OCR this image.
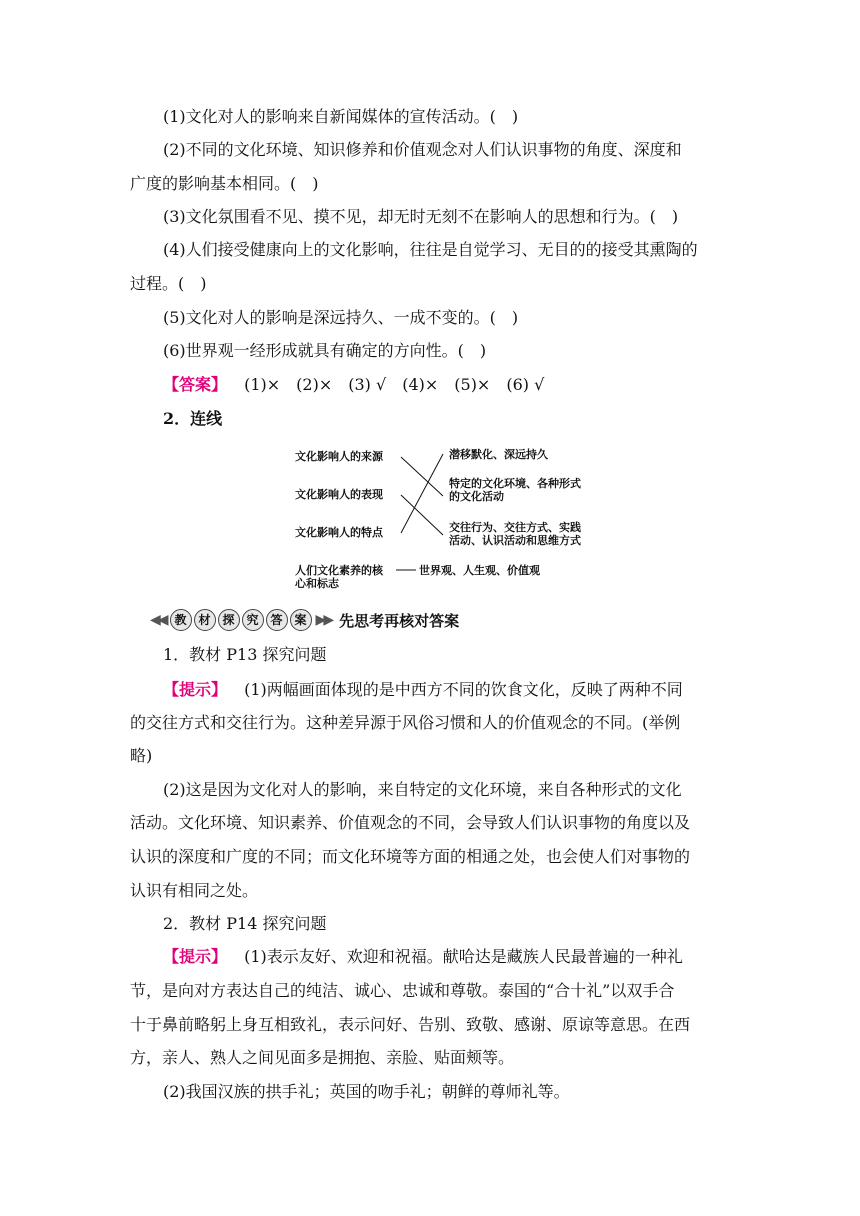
(1)文化对人的影响来自新闻媒体的宣传活动。(　)
(2)不同的文化环境、知识修养和价值观念对人们认识事物的角度、深度和
广度的影响基本相同。(　)
(3)文化氛围看不见、摸不见，却无时无刻不在影响人的思想和行为。(　)
(4)人们接受健康向上的文化影响，往往是自觉学习、无目的的接受其熏陶的
过程。(　)
(5)文化对人的影响是深远持久、一成不变的。(　)
(6)世界观一经形成就具有确定的方向性。(　)
【答案】 (1)×　(2)×　(3) √　(4)×　(5)×　(6) √
2．连线
文化影响人的来源
文化影响人的表现
文化影响人的特点
潜移默化、深远持久
特定的文化环境、各种形式
的文化活动
交往行为、交往方式、实践
活动、认识活动和思维方式
人们文化素养的核
心和标志
世界观、人生观、价值观
◀◀ 教 材 探 究 答 案 ▶▶ 先思考再核对答案
1．教材 P13 探究问题
【提示】 (1)两幅画面体现的是中西方不同的饮食文化，反映了两种不同
的交往方式和交往行为。这种差异源于风俗习惯和人的价值观念的不同。(举例
略)
(2)这是因为文化对人的影响，来自特定的文化环境，来自各种形式的文化
活动。文化环境、知识素养、价值观念的不同，会导致人们认识事物的角度以及
认识的深度和广度的不同；而文化环境等方面的相通之处，也会使人们对事物的
认识有相同之处。
2．教材 P14 探究问题
【提示】 (1)表示友好、欢迎和祝福。献哈达是藏族人民最普遍的一种礼
节，是向对方表达自己的纯洁、诚心、忠诚和尊敬。泰国的“合十礼”以双手合
十于鼻前略躬上身互相致礼，表示问好、告别、致敬、感谢、原谅等意思。在西
方，亲人、熟人之间见面多是拥抱、亲脸、贴面颊等。
(2)我国汉族的拱手礼；英国的吻手礼；朝鲜的尊师礼等。
